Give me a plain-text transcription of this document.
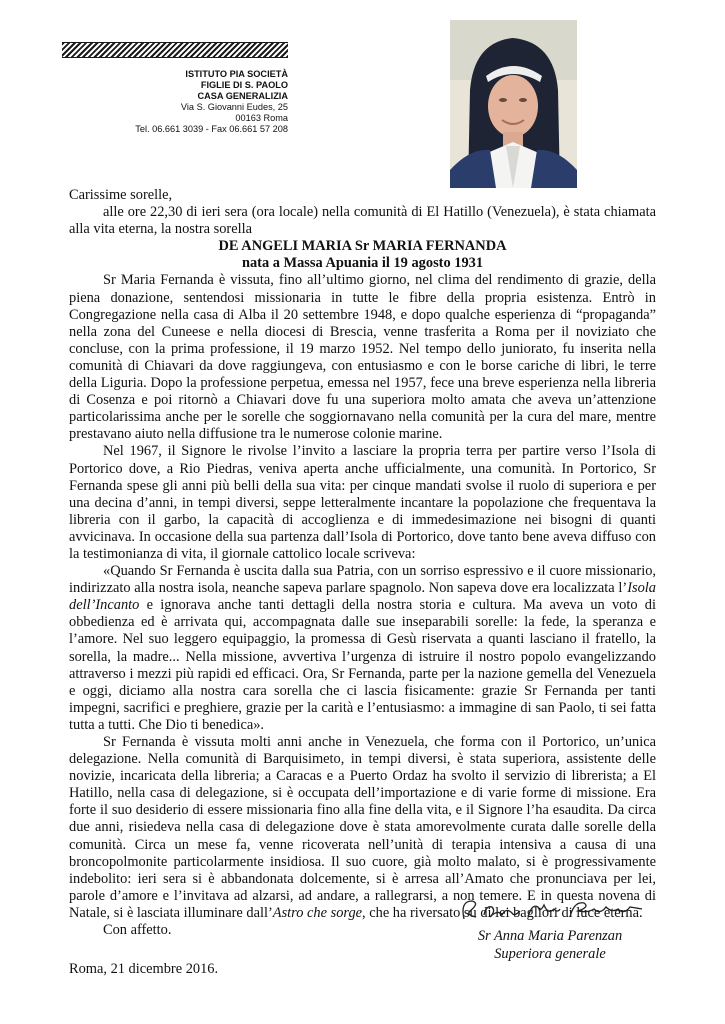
ISTITUTO PIA SOCIETÀ
FIGLIE DI S. PAOLO
CASA GENERALIZIA
Via S. Giovanni Eudes, 25
00163 Roma
Tel. 06.661 3039 - Fax 06.661 57 208

Carissime sorelle,

alle ore 22,30 di ieri sera (ora locale) nella comunità di El Hatillo (Venezuela), è stata chiamata alla vita eterna, la nostra sorella

DE ANGELI MARIA Sr MARIA FERNANDA

nata a Massa Apuania il 19 agosto 1931

Sr Maria Fernanda è vissuta, fino all’ultimo giorno, nel clima del rendimento di grazie, della piena donazione, sentendosi missionaria in tutte le fibre della propria esistenza. Entrò in Congregazione nella casa di Alba il 20 settembre 1948, e dopo qualche esperienza di “propaganda” nella zona del Cuneese e nella diocesi di Brescia, venne trasferita a Roma per il noviziato che concluse, con la prima professione, il 19 marzo 1952. Nel tempo dello juniorato, fu inserita nella comunità di Chiavari da dove raggiungeva, con entusiasmo e con le borse cariche di libri, le terre della Liguria. Dopo la professione perpetua, emessa nel 1957, fece una breve esperienza nella libreria di Cosenza e poi ritornò a Chiavari dove fu una superiora molto amata che aveva un’attenzione particolarissima anche per le sorelle che soggiornavano nella comunità per la cura del mare, mentre prestavano aiuto nella diffusione tra le numerose colonie marine.

Nel 1967, il Signore le rivolse l’invito a lasciare la propria terra per partire verso l’Isola di Portorico dove, a Rio Piedras, veniva aperta anche ufficialmente, una comunità. In Portorico, Sr Fernanda spese gli anni più belli della sua vita: per cinque mandati svolse il ruolo di superiora e per una decina d’anni, in tempi diversi, seppe letteralmente incantare la popolazione che frequentava la libreria con il garbo, la capacità di accoglienza e di immedesimazione nei bisogni di quanti avvicinava. In occasione della sua partenza dall’Isola di Portorico, dove tanto bene aveva diffuso con la testimonianza di vita, il giornale cattolico locale scriveva:

«Quando Sr Fernanda è uscita dalla sua Patria, con un sorriso espressivo e il cuore missionario, indirizzato alla nostra isola, neanche sapeva parlare spagnolo. Non sapeva dove era localizzata l’Isola dell’Incanto e ignorava anche tanti dettagli della nostra storia e cultura. Ma aveva un voto di obbedienza ed è arrivata qui, accompagnata dalle sue inseparabili sorelle: la fede, la speranza e l’amore. Nel suo leggero equipaggio, la promessa di Gesù riservata a quanti lasciano il fratello, la sorella, la madre... Nella missione, avvertiva l’urgenza di istruire il nostro popolo evangelizzando attraverso i mezzi più rapidi ed efficaci. Ora, Sr Fernanda, parte per la nazione gemella del Venezuela e oggi, diciamo alla nostra cara sorella che ci lascia fisicamente: grazie Sr Fernanda per tanti impegni, sacrifici e preghiere, grazie per la carità e l’entusiasmo: a immagine di san Paolo, ti sei fatta tutta a tutti. Che Dio ti benedica».

Sr Fernanda è vissuta molti anni anche in Venezuela, che forma con il Portorico, un’unica delegazione. Nella comunità di Barquisimeto, in tempi diversi, è stata superiora, assistente delle novizie, incaricata della libreria; a Caracas e a Puerto Ordaz ha svolto il servizio di librerista; a El Hatillo, nella casa di delegazione, si è occupata dell’importazione e di varie forme di missione. Era forte il suo desiderio di essere missionaria fino alla fine della vita, e il Signore l’ha esaudita. Da circa due anni, risiedeva nella casa di delegazione dove è stata amorevolmente curata dalle sorelle della comunità. Circa un mese fa, venne ricoverata nell’unità di terapia intensiva a causa di una broncopolmonite particolarmente insidiosa. Il suo cuore, già molto malato, si è progressivamente indebolito: ieri sera si è abbandonata dolcemente, si è arresa all’Amato che pronunciava per lei, parole d’amore e l’invitava ad alzarsi, ad andare, a rallegrarsi, a non temere. E in questa novena di Natale, si è lasciata illuminare dall’Astro che sorge, che ha riversato su di lei bagliori di luce eterna.

Con affetto.	Sr Anna Maria Parenzan
Superiora generale
Roma, 21 dicembre 2016.
